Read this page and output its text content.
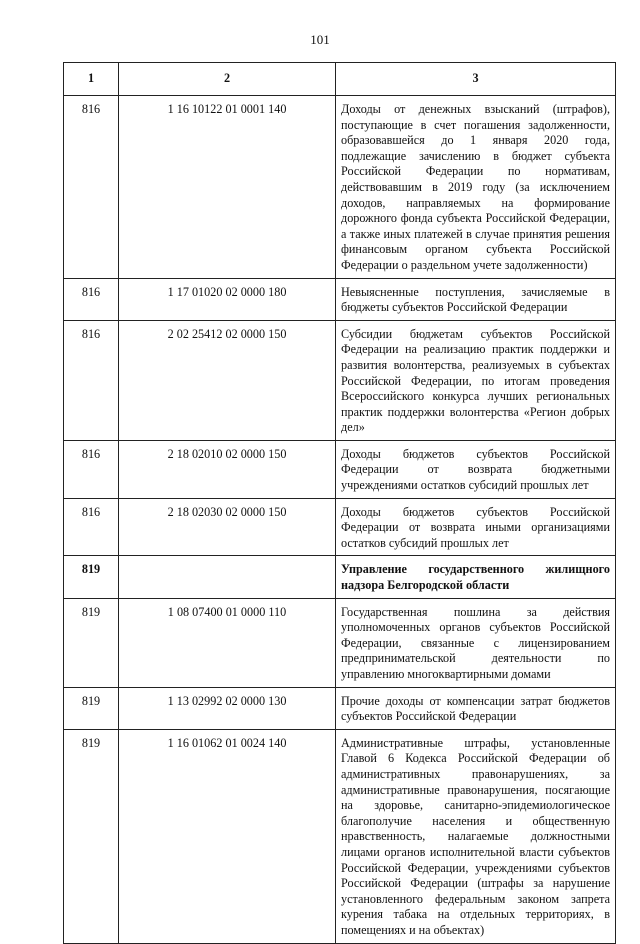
101
1	2	3
816	1 16 10122 01 0001 140	Доходы от денежных взысканий (штрафов), поступающие в счет погашения задолженности, образовавшейся до 1 января 2020 года, подлежащие зачислению в бюджет субъекта Российской Федерации по нормативам, действовавшим в 2019 году (за исключением доходов, направляемых на формирование дорожного фонда субъекта Российской Федерации, а также иных платежей в случае принятия решения финансовым органом субъекта Российской Федерации о раздельном учете задолженности)
816	1 17 01020 02 0000 180	Невыясненные поступления, зачисляемые в бюджеты субъектов Российской Федерации
816	2 02 25412 02 0000 150	Субсидии бюджетам субъектов Российской Федерации на реализацию практик поддержки и развития волонтерства, реализуемых в субъектах Российской Федерации, по итогам проведения Всероссийского конкурса лучших региональных практик поддержки волонтерства «Регион добрых дел»
816	2 18 02010 02 0000 150	Доходы бюджетов субъектов Российской Федерации от возврата бюджетными учреждениями остатков субсидий прошлых лет
816	2 18 02030 02 0000 150	Доходы бюджетов субъектов Российской Федерации от возврата иными организациями остатков субсидий прошлых лет
819		Управление государственного жилищного надзора Белгородской области
819	1 08 07400 01 0000 110	Государственная пошлина за действия уполномоченных органов субъектов Российской Федерации, связанные с лицензированием предпринимательской деятельности по управлению многоквартирными домами
819	1 13 02992 02 0000 130	Прочие доходы от компенсации затрат бюджетов субъектов Российской Федерации
819	1 16 01062 01 0024 140	Административные штрафы, установленные Главой 6 Кодекса Российской Федерации об административных правонарушениях, за административные правонарушения, посягающие на здоровье, санитарно-эпидемиологическое благополучие населения и общественную нравственность, налагаемые должностными лицами органов исполнительной власти субъектов Российской Федерации, учреждениями субъектов Российской Федерации (штрафы за нарушение установленного федеральным законом запрета курения табака на отдельных территориях, в помещениях и на объектах)
